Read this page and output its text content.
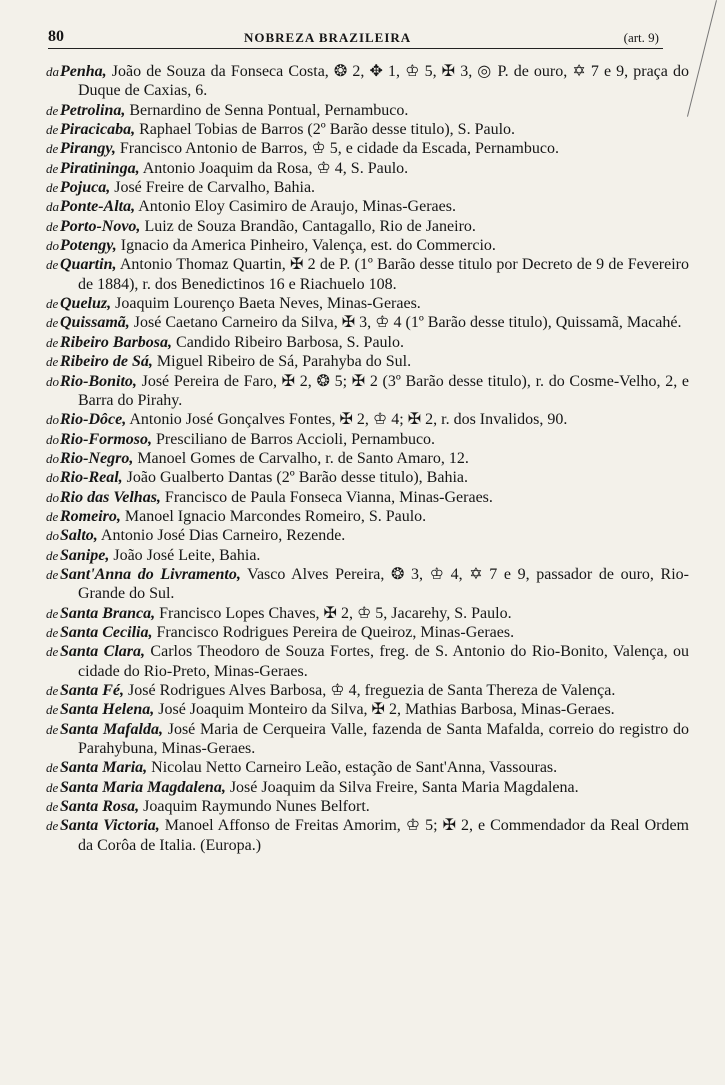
80	NOBREZA BRAZILEIRA	(art. 9)

da Penha, João de Souza da Fonseca Costa, ❂ 2, ✥ 1, ♔ 5, ✠ 3, ◎ P. de ouro, ✡ 7 e 9, praça do Duque de Caxias, 6.

de Petrolina, Bernardino de Senna Pontual, Pernambuco.

de Piracicaba, Raphael Tobias de Barros (2º Barão desse titulo), S. Paulo.

de Pirangy, Francisco Antonio de Barros, ♔ 5, e cidade da Escada, Pernambuco.

de Piratininga, Antonio Joaquim da Rosa, ♔ 4, S. Paulo.

de Pojuca, José Freire de Carvalho, Bahia.

da Ponte-Alta, Antonio Eloy Casimiro de Araujo, Minas-Geraes.

de Porto-Novo, Luiz de Souza Brandão, Cantagallo, Rio de Janeiro.

do Potengy, Ignacio da America Pinheiro, Valença, est. do Commercio.

de Quartin, Antonio Thomaz Quartin, ✠ 2 de P. (1º Barão desse titulo por Decreto de 9 de Fevereiro de 1884), r. dos Benedictinos 16 e Riachuelo 108.

de Queluz, Joaquim Lourenço Baeta Neves, Minas-Geraes.

de Quissamã, José Caetano Carneiro da Silva, ✠ 3, ♔ 4 (1º Barão desse titulo), Quissamã, Macahé.

de Ribeiro Barbosa, Candido Ribeiro Barbosa, S. Paulo.

de Ribeiro de Sá, Miguel Ribeiro de Sá, Parahyba do Sul.

do Rio-Bonito, José Pereira de Faro, ✠ 2, ❂ 5; ✠ 2 (3º Barão desse titulo), r. do Cosme-Velho, 2, e Barra do Pirahy.

do Rio-Dôce, Antonio José Gonçalves Fontes, ✠ 2, ♔ 4; ✠ 2, r. dos Invalidos, 90.

do Rio-Formoso, Presciliano de Barros Accioli, Pernambuco.

do Rio-Negro, Manoel Gomes de Carvalho, r. de Santo Amaro, 12.

do Rio-Real, João Gualberto Dantas (2º Barão desse titulo), Bahia.

do Rio das Velhas, Francisco de Paula Fonseca Vianna, Minas-Geraes.

de Romeiro, Manoel Ignacio Marcondes Romeiro, S. Paulo.

do Salto, Antonio José Dias Carneiro, Rezende.

de Sanipe, João José Leite, Bahia.

de Sant'Anna do Livramento, Vasco Alves Pereira, ❂ 3, ♔ 4, ✡ 7 e 9, passador de ouro, Rio-Grande do Sul.

de Santa Branca, Francisco Lopes Chaves, ✠ 2, ♔ 5, Jacarehy, S. Paulo.

de Santa Cecilia, Francisco Rodrigues Pereira de Queiroz, Minas-Geraes.

de Santa Clara, Carlos Theodoro de Souza Fortes, freg. de S. Antonio do Rio-Bonito, Valença, ou cidade do Rio-Preto, Minas-Geraes.

de Santa Fé, José Rodrigues Alves Barbosa, ♔ 4, freguezia de Santa Thereza de Valença.

de Santa Helena, José Joaquim Monteiro da Silva, ✠ 2, Mathias Barbosa, Minas-Geraes.

de Santa Mafalda, José Maria de Cerqueira Valle, fazenda de Santa Mafalda, correio do registro do Parahybuna, Minas-Geraes.

de Santa Maria, Nicolau Netto Carneiro Leão, estação de Sant'Anna, Vassouras.

de Santa Maria Magdalena, José Joaquim da Silva Freire, Santa Maria Magdalena.

de Santa Rosa, Joaquim Raymundo Nunes Belfort.

de Santa Victoria, Manoel Affonso de Freitas Amorim, ♔ 5; ✠ 2, e Commendador da Real Ordem da Corôa de Italia. (Europa.)
